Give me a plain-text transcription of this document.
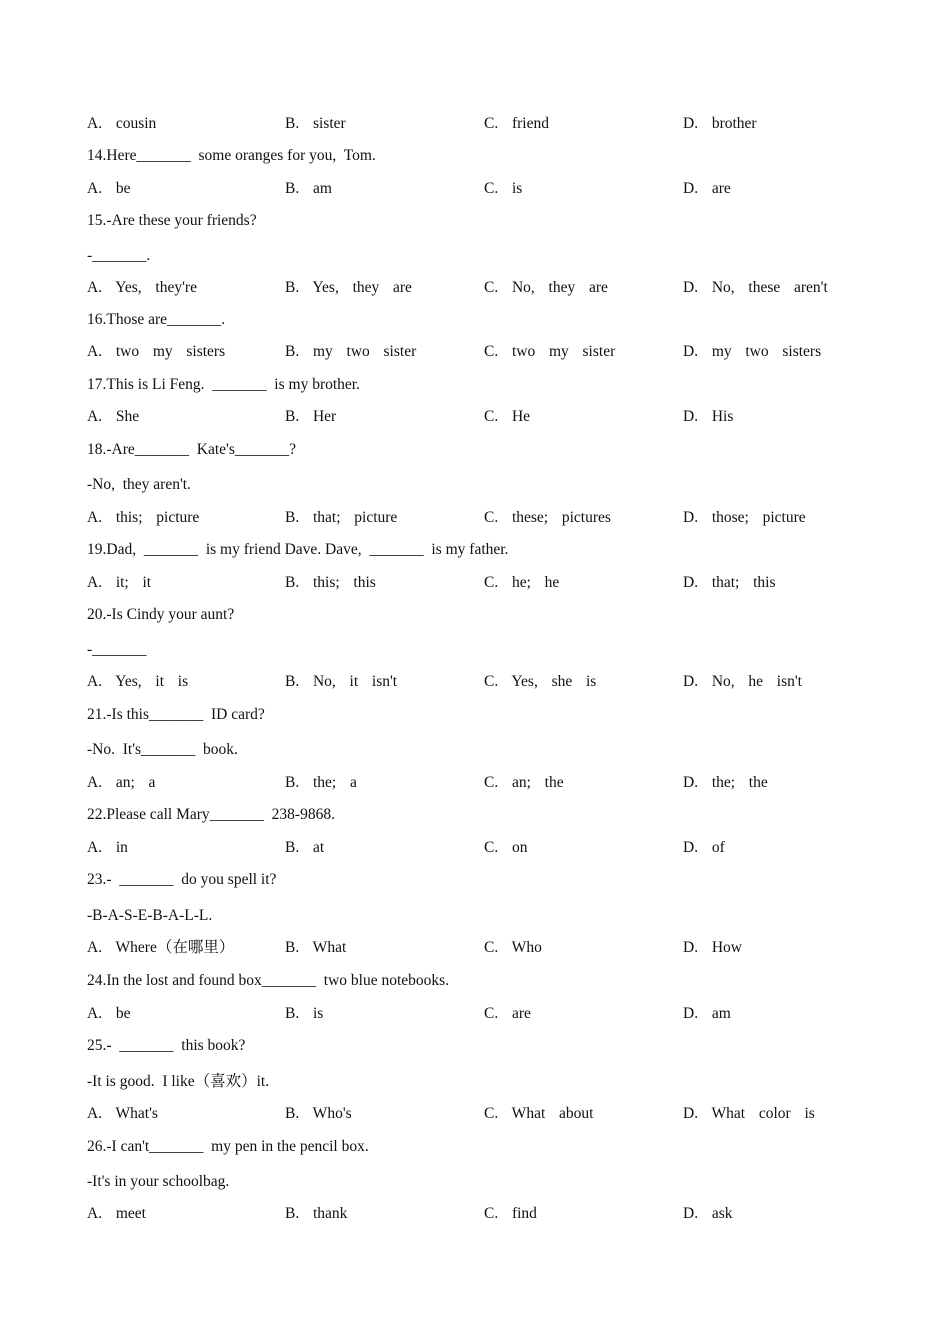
A.  cousin	B.  sister	C.  friend	D.  brother
14.Here_______  some oranges for you,  Tom.
A.  be	B.  am	C.  is	D.  are
15.-Are these your friends?
-_______.
A.  Yes,  they're	B.  Yes,  they  are	C.  No,  they  are	D.  No,  these  aren't
16.Those are_______.
A.  two  my  sisters	B.  my  two  sister	C.  two  my  sister	D.  my  two  sisters
17.This is Li Feng.  _______  is my brother.
A.  She	B.  Her	C.  He	D.  His
18.-Are_______  Kate's_______?
-No,  they aren't.
A.  this;  picture	B.  that;  picture	C.  these;  pictures	D.  those;  picture
19.Dad,  _______  is my friend Dave. Dave,  _______  is my father.
A.  it;  it	B.  this;  this	C.  he;  he	D.  that;  this
20.-Is Cindy your aunt?
-_______
A.  Yes,  it  is	B.  No,  it  isn't	C.  Yes,  she  is	D.  No,  he  isn't
21.-Is this_______  ID card?
-No.  It's_______  book.
A.  an;  a	B.  the;  a	C.  an;  the	D.  the;  the
22.Please call Mary_______  238-9868.
A.  in	B.  at	C.  on	D.  of
23.-  _______  do you spell it?
-B-A-S-E-B-A-L-L.
A.  Where（在哪里）	B.  What	C.  Who	D.  How
24.In the lost and found box_______  two blue notebooks.
A.  be	B.  is	C.  are	D.  am
25.-  _______  this book?
-It is good.  I like（喜欢）it.
A.  What's	B.  Who's	C.  What  about	D.  What  color  is
26.-I can't_______  my pen in the pencil box.
-It's in your schoolbag.
A.  meet	B.  thank	C.  find	D.  ask
